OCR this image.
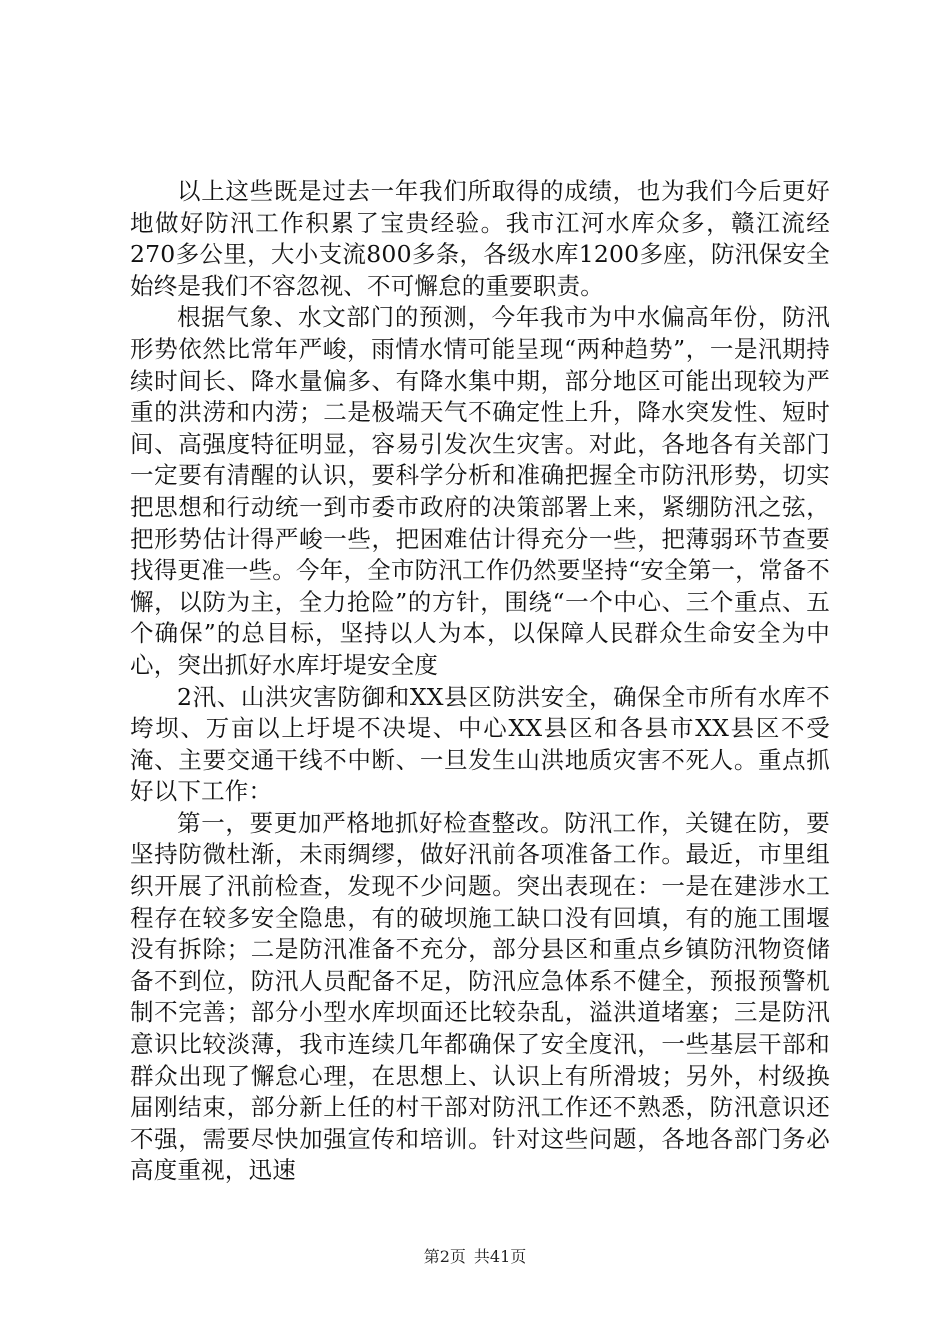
以上这些既是过去一年我们所取得的成绩，也为我们今后更好地做好防汛工作积累了宝贵经验。我市江河水库众多，赣江流经270多公里，大小支流800多条，各级水库1200多座，防汛保安全始终是我们不容忽视、不可懈怠的重要职责。

根据气象、水文部门的预测，今年我市为中水偏高年份，防汛形势依然比常年严峻，雨情水情可能呈现“两种趋势”，一是汛期持续时间长、降水量偏多、有降水集中期，部分地区可能出现较为严重的洪涝和内涝；二是极端天气不确定性上升，降水突发性、短时间、高强度特征明显，容易引发次生灾害。对此，各地各有关部门一定要有清醒的认识，要科学分析和准确把握全市防汛形势，切实把思想和行动统一到市委市政府的决策部署上来，紧绷防汛之弦，把形势估计得严峻一些，把困难估计得充分一些，把薄弱环节查要找得更准一些。今年，全市防汛工作仍然要坚持“安全第一，常备不懈，以防为主，全力抢险”的方针，围绕“一个中心、三个重点、五个确保”的总目标，坚持以人为本，以保障人民群众生命安全为中心，突出抓好水库圩堤安全度

2汛、山洪灾害防御和XX县区防洪安全，确保全市所有水库不垮坝、万亩以上圩堤不决堤、中心XX县区和各县市XX县区不受淹、主要交通干线不中断、一旦发生山洪地质灾害不死人。重点抓好以下工作：

第一，要更加严格地抓好检查整改。防汛工作，关键在防，要坚持防微杜渐，未雨绸缪，做好汛前各项准备工作。最近，市里组织开展了汛前检查，发现不少问题。突出表现在：一是在建涉水工程存在较多安全隐患，有的破坝施工缺口没有回填，有的施工围堰没有拆除；二是防汛准备不充分，部分县区和重点乡镇防汛物资储备不到位，防汛人员配备不足，防汛应急体系不健全，预报预警机制不完善；部分小型水库坝面还比较杂乱，溢洪道堵塞；三是防汛意识比较淡薄，我市连续几年都确保了安全度汛，一些基层干部和群众出现了懈怠心理，在思想上、认识上有所滑坡；另外，村级换届刚结束，部分新上任的村干部对防汛工作还不熟悉，防汛意识还不强，需要尽快加强宣传和培训。针对这些问题，各地各部门务必高度重视，迅速

第2页 共41页
